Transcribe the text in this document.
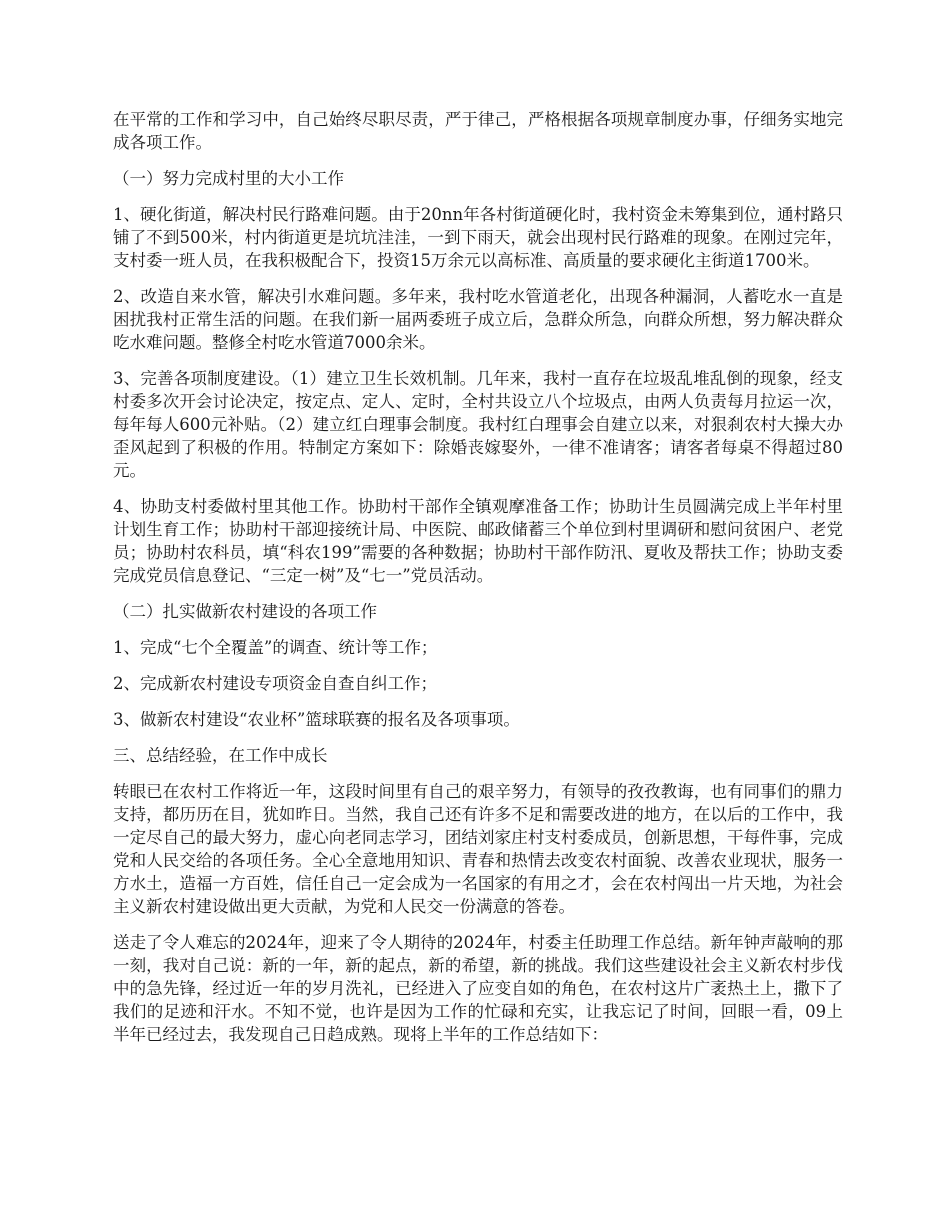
在平常的工作和学习中，自己始终尽职尽责，严于律己，严格根据各项规章制度办事，仔细务实地完成各项工作。

（一）努力完成村里的大小工作

1、硬化街道，解决村民行路难问题。由于20nn年各村街道硬化时，我村资金未筹集到位，通村路只铺了不到500米，村内街道更是坑坑洼洼，一到下雨天，就会出现村民行路难的现象。在刚过完年，支村委一班人员，在我积极配合下，投资15万余元以高标准、高质量的要求硬化主街道1700米。

2、改造自来水管，解决引水难问题。多年来，我村吃水管道老化，出现各种漏洞，人蓄吃水一直是困扰我村正常生活的问题。在我们新一届两委班子成立后，急群众所急，向群众所想，努力解决群众吃水难问题。整修全村吃水管道7000余米。

3、完善各项制度建设。（1）建立卫生长效机制。几年来，我村一直存在垃圾乱堆乱倒的现象，经支村委多次开会讨论决定，按定点、定人、定时，全村共设立八个垃圾点，由两人负责每月拉运一次，每年每人600元补贴。（2）建立红白理事会制度。我村红白理事会自建立以来，对狠刹农村大操大办歪风起到了积极的作用。特制定方案如下：除婚丧嫁娶外，一律不准请客；请客者每桌不得超过80元。

4、协助支村委做村里其他工作。协助村干部作全镇观摩准备工作；协助计生员圆满完成上半年村里计划生育工作；协助村干部迎接统计局、中医院、邮政储蓄三个单位到村里调研和慰问贫困户、老党员；协助村农科员，填“科农199”需要的各种数据；协助村干部作防汛、夏收及帮扶工作；协助支委完成党员信息登记、“三定一树”及“七一”党员活动。

（二）扎实做新农村建设的各项工作

1、完成“七个全覆盖”的调查、统计等工作；

2、完成新农村建设专项资金自查自纠工作；

3、做新农村建设“农业杯”篮球联赛的报名及各项事项。

三、总结经验，在工作中成长

转眼已在农村工作将近一年，这段时间里有自己的艰辛努力，有领导的孜孜教诲，也有同事们的鼎力支持，都历历在目，犹如昨日。当然，我自己还有许多不足和需要改进的地方，在以后的工作中，我一定尽自己的最大努力，虚心向老同志学习，团结刘家庄村支村委成员，创新思想，干每件事，完成党和人民交给的各项任务。全心全意地用知识、青春和热情去改变农村面貌、改善农业现状，服务一方水土，造福一方百姓，信任自己一定会成为一名国家的有用之才，会在农村闯出一片天地，为社会主义新农村建设做出更大贡献，为党和人民交一份满意的答卷。

送走了令人难忘的2024年，迎来了令人期待的2024年，村委主任助理工作总结。新年钟声敲响的那一刻，我对自己说：新的一年，新的起点，新的希望，新的挑战。我们这些建设社会主义新农村步伐中的急先锋，经过近一年的岁月洗礼，已经进入了应变自如的角色，在农村这片广袤热土上，撒下了我们的足迹和汗水。不知不觉，也许是因为工作的忙碌和充实，让我忘记了时间，回眼一看，09上半年已经过去，我发现自己日趋成熟。现将上半年的工作总结如下：
